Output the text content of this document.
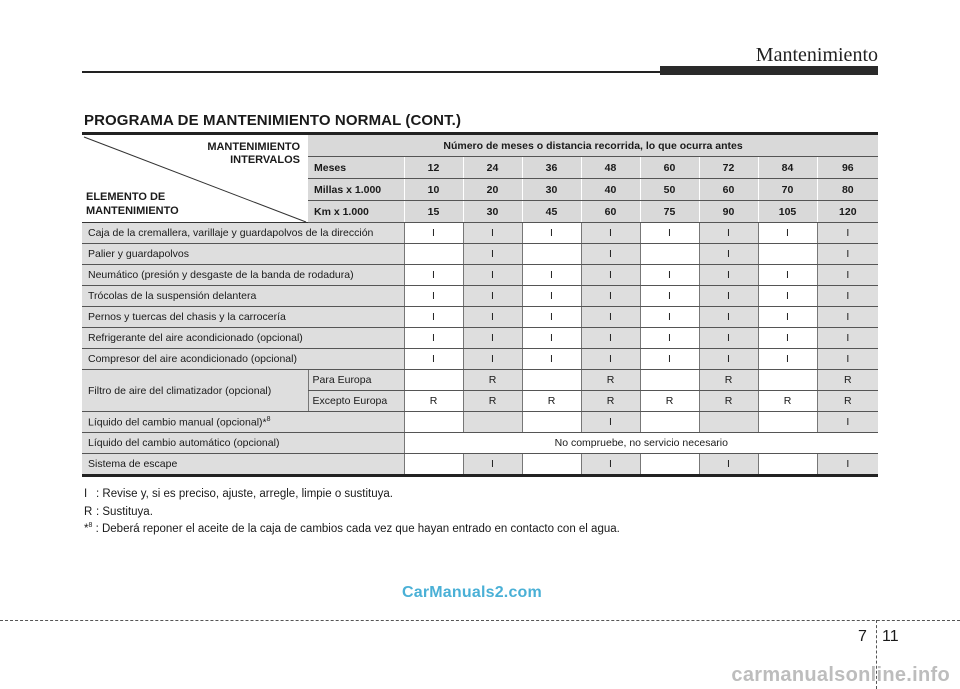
Mantenimiento
PROGRAMA DE MANTENIMIENTO NORMAL (CONT.)
MANTENIMIENTO
INTERVALOS
ELEMENTO DE
MANTENIMIENTO	Número de meses o distancia recorrida, lo que ocurra antes								
	Meses	12	24	36	48	60	72	84	96
	Millas x 1.000	10	20	30	40	50	60	70	80
	Km x 1.000	15	30	45	60	75	90	105	120
Caja de la cremallera, varillaje y guardapolvos de la dirección		I	I	I	I	I	I	I	I
Palier y guardapolvos			I		I		I		I
Neumático (presión y desgaste de la banda de rodadura)		I	I	I	I	I	I	I	I
Trócolas de la suspensión delantera		I	I	I	I	I	I	I	I
Pernos y tuercas del chasis y la carrocería		I	I	I	I	I	I	I	I
Refrigerante del aire acondicionado (opcional)		I	I	I	I	I	I	I	I
Compresor del aire acondicionado (opcional)		I	I	I	I	I	I	I	I
Filtro de aire del climatizador (opcional)	Para Europa		R		R		R		R
	Excepto Europa	R	R	R	R	R	R	R	R
Líquido del cambio manual (opcional)*$^8$					I				I
Líquido del cambio automático (opcional)		No compruebe, no servicio necesario							
Sistema de escape			I		I		I		I
I : Revise y, si es preciso, ajuste, arregle, limpie o sustituya.
R : Sustituya.
*$^8$ : Deberá reponer el aceite de la caja de cambios cada vez que hayan entrado en contacto con el agua.
CarManuals2.com
7 11
carmanualsonline.info
